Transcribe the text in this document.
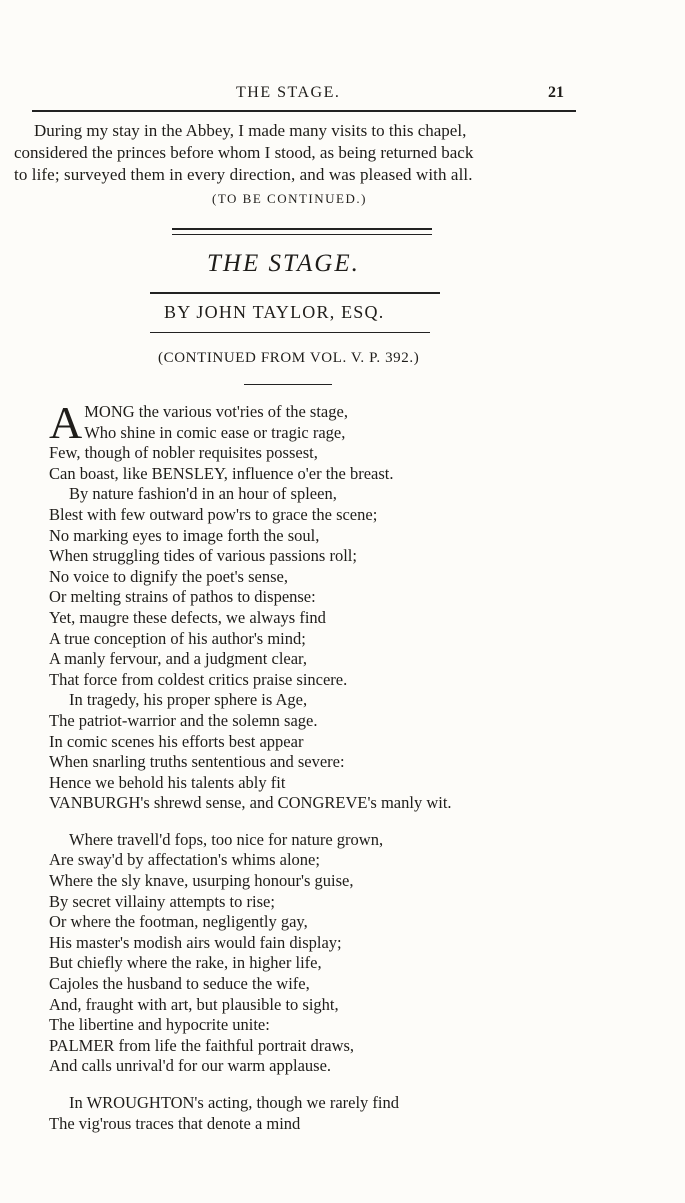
THE STAGE.	21
During my stay in the Abbey, I made many visits to this chapel,
considered the princes before whom I stood, as being returned back
to life; surveyed them in every direction, and was pleased with all.
(TO BE CONTINUED.)
THE STAGE.
BY JOHN TAYLOR, ESQ.
(CONTINUED FROM VOL. V. P. 392.)
A MONG the various vot'ries of the stage,
Who shine in comic ease or tragic rage,
Few, though of nobler requisites possest,
Can boast, like BENSLEY, influence o'er the breast.
By nature fashion'd in an hour of spleen,
Blest with few outward pow'rs to grace the scene;
No marking eyes to image forth the soul,
When struggling tides of various passions roll;
No voice to dignify the poet's sense,
Or melting strains of pathos to dispense:
Yet, maugre these defects, we always find
A true conception of his author's mind;
A manly fervour, and a judgment clear,
That force from coldest critics praise sincere.
In tragedy, his proper sphere is Age,
The patriot-warrior and the solemn sage.
In comic scenes his efforts best appear
When snarling truths sententious and severe:
Hence we behold his talents ably fit
VANBURGH's shrewd sense, and CONGREVE's manly wit.
Where travell'd fops, too nice for nature grown,
Are sway'd by affectation's whims alone;
Where the sly knave, usurping honour's guise,
By secret villainy attempts to rise;
Or where the footman, negligently gay,
His master's modish airs would fain display;
But chiefly where the rake, in higher life,
Cajoles the husband to seduce the wife,
And, fraught with art, but plausible to sight,
The libertine and hypocrite unite:
PALMER from life the faithful portrait draws,
And calls unrival'd for our warm applause.
In WROUGHTON's acting, though we rarely find
The vig'rous traces that denote a mind
